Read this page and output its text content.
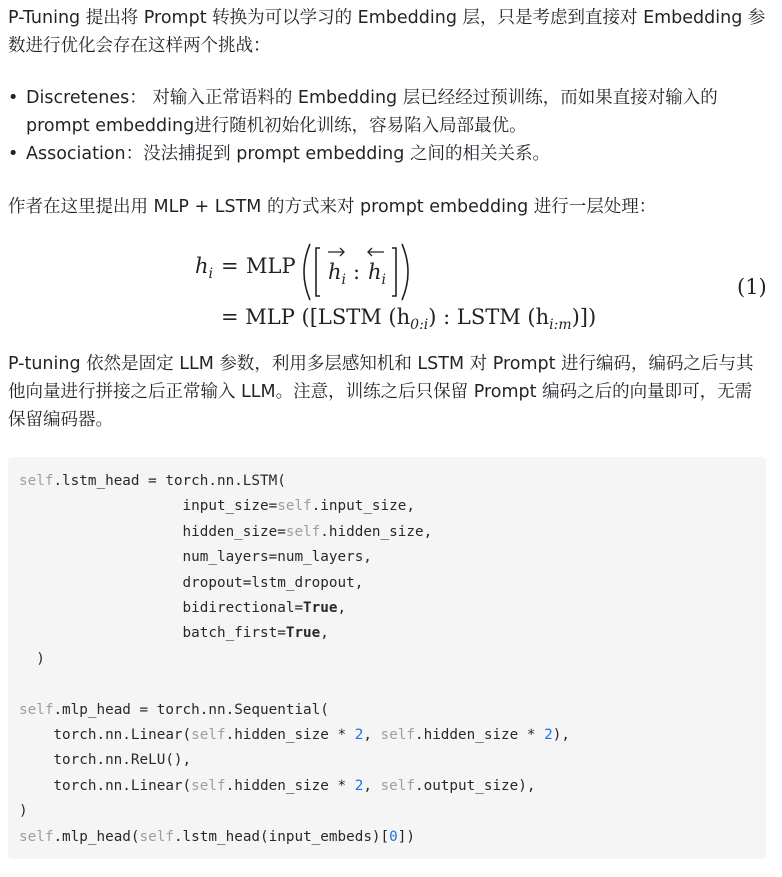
P-Tuning 提出将 Prompt 转换为可以学习的 Embedding 层，只是考虑到直接对 Embedding 参
数进行优化会存在这样两个挑战：

• Discretenes： 对输入正常语料的 Embedding 层已经经过预训练，而如果直接对输入的
prompt embedding进行随机初始化训练，容易陷入局部最优。
• Association：没法捕捉到 prompt embedding 之间的相关关系。

作者在这里提出用 MLP + LSTM 的方式来对 prompt embedding 进行一层处理：

$h_i$ = MLP $h_i$ : $h_i$
= MLP ([LSTM $(h_{0:i})$ : LSTM $(h_{i:m})$])
(1)

P-tuning 依然是固定 LLM 参数，利用多层感知机和 LSTM 对 Prompt 进行编码，编码之后与其
他向量进行拼接之后正常输入 LLM。注意，训练之后只保留 Prompt 编码之后的向量即可，无需
保留编码器。

self.lstm_head = torch.nn.LSTM(
input_size=self.input_size,
hidden_size=self.hidden_size,
num_layers=num_layers,
dropout=lstm_dropout,
bidirectional=True,
batch_first=True,
)
self.mlp_head = torch.nn.Sequential(
torch.nn.Linear(self.hidden_size * 2, self.hidden_size * 2),
torch.nn.ReLU(),
torch.nn.Linear(self.hidden_size * 2, self.output_size),
)
self.mlp_head(self.lstm_head(input_embeds)[0])
